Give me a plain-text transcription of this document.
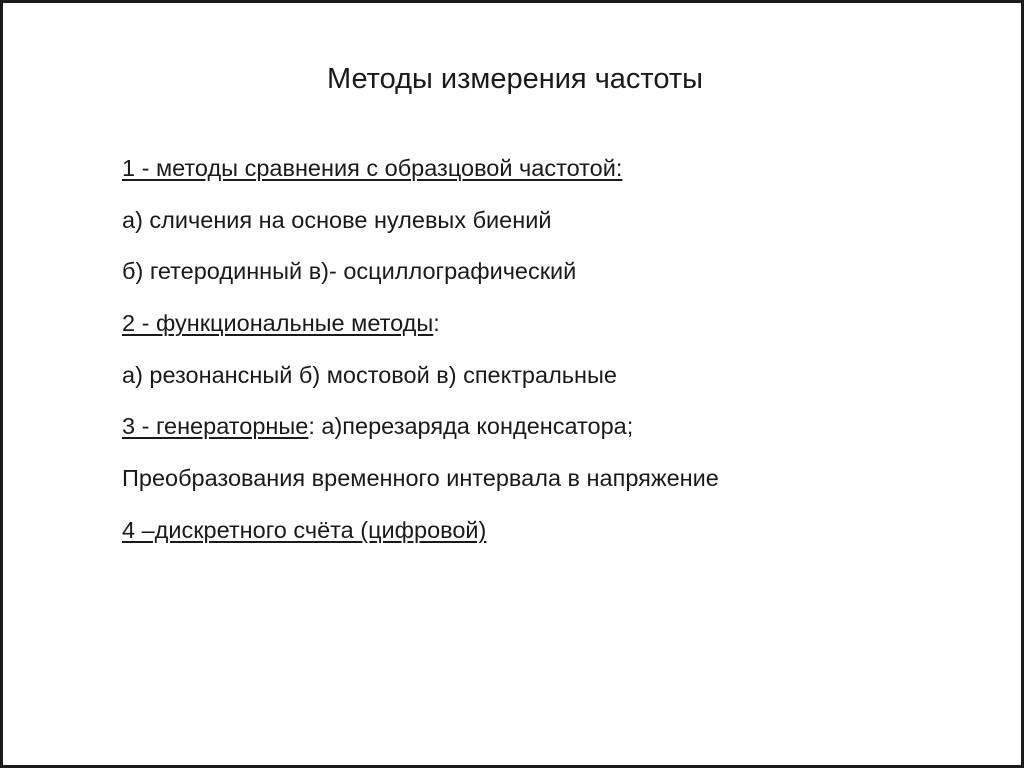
Методы измерения частоты
1 - методы сравнения с образцовой частотой:
а) сличения на основе нулевых биений
б) гетеродинный в)- осциллографический
2 - функциональные методы:
а) резонансный б) мостовой в) спектральные
3 - генераторные: а)перезаряда конденсатора;
Преобразования временного интервала в напряжение
4 –дискретного счёта (цифровой)
